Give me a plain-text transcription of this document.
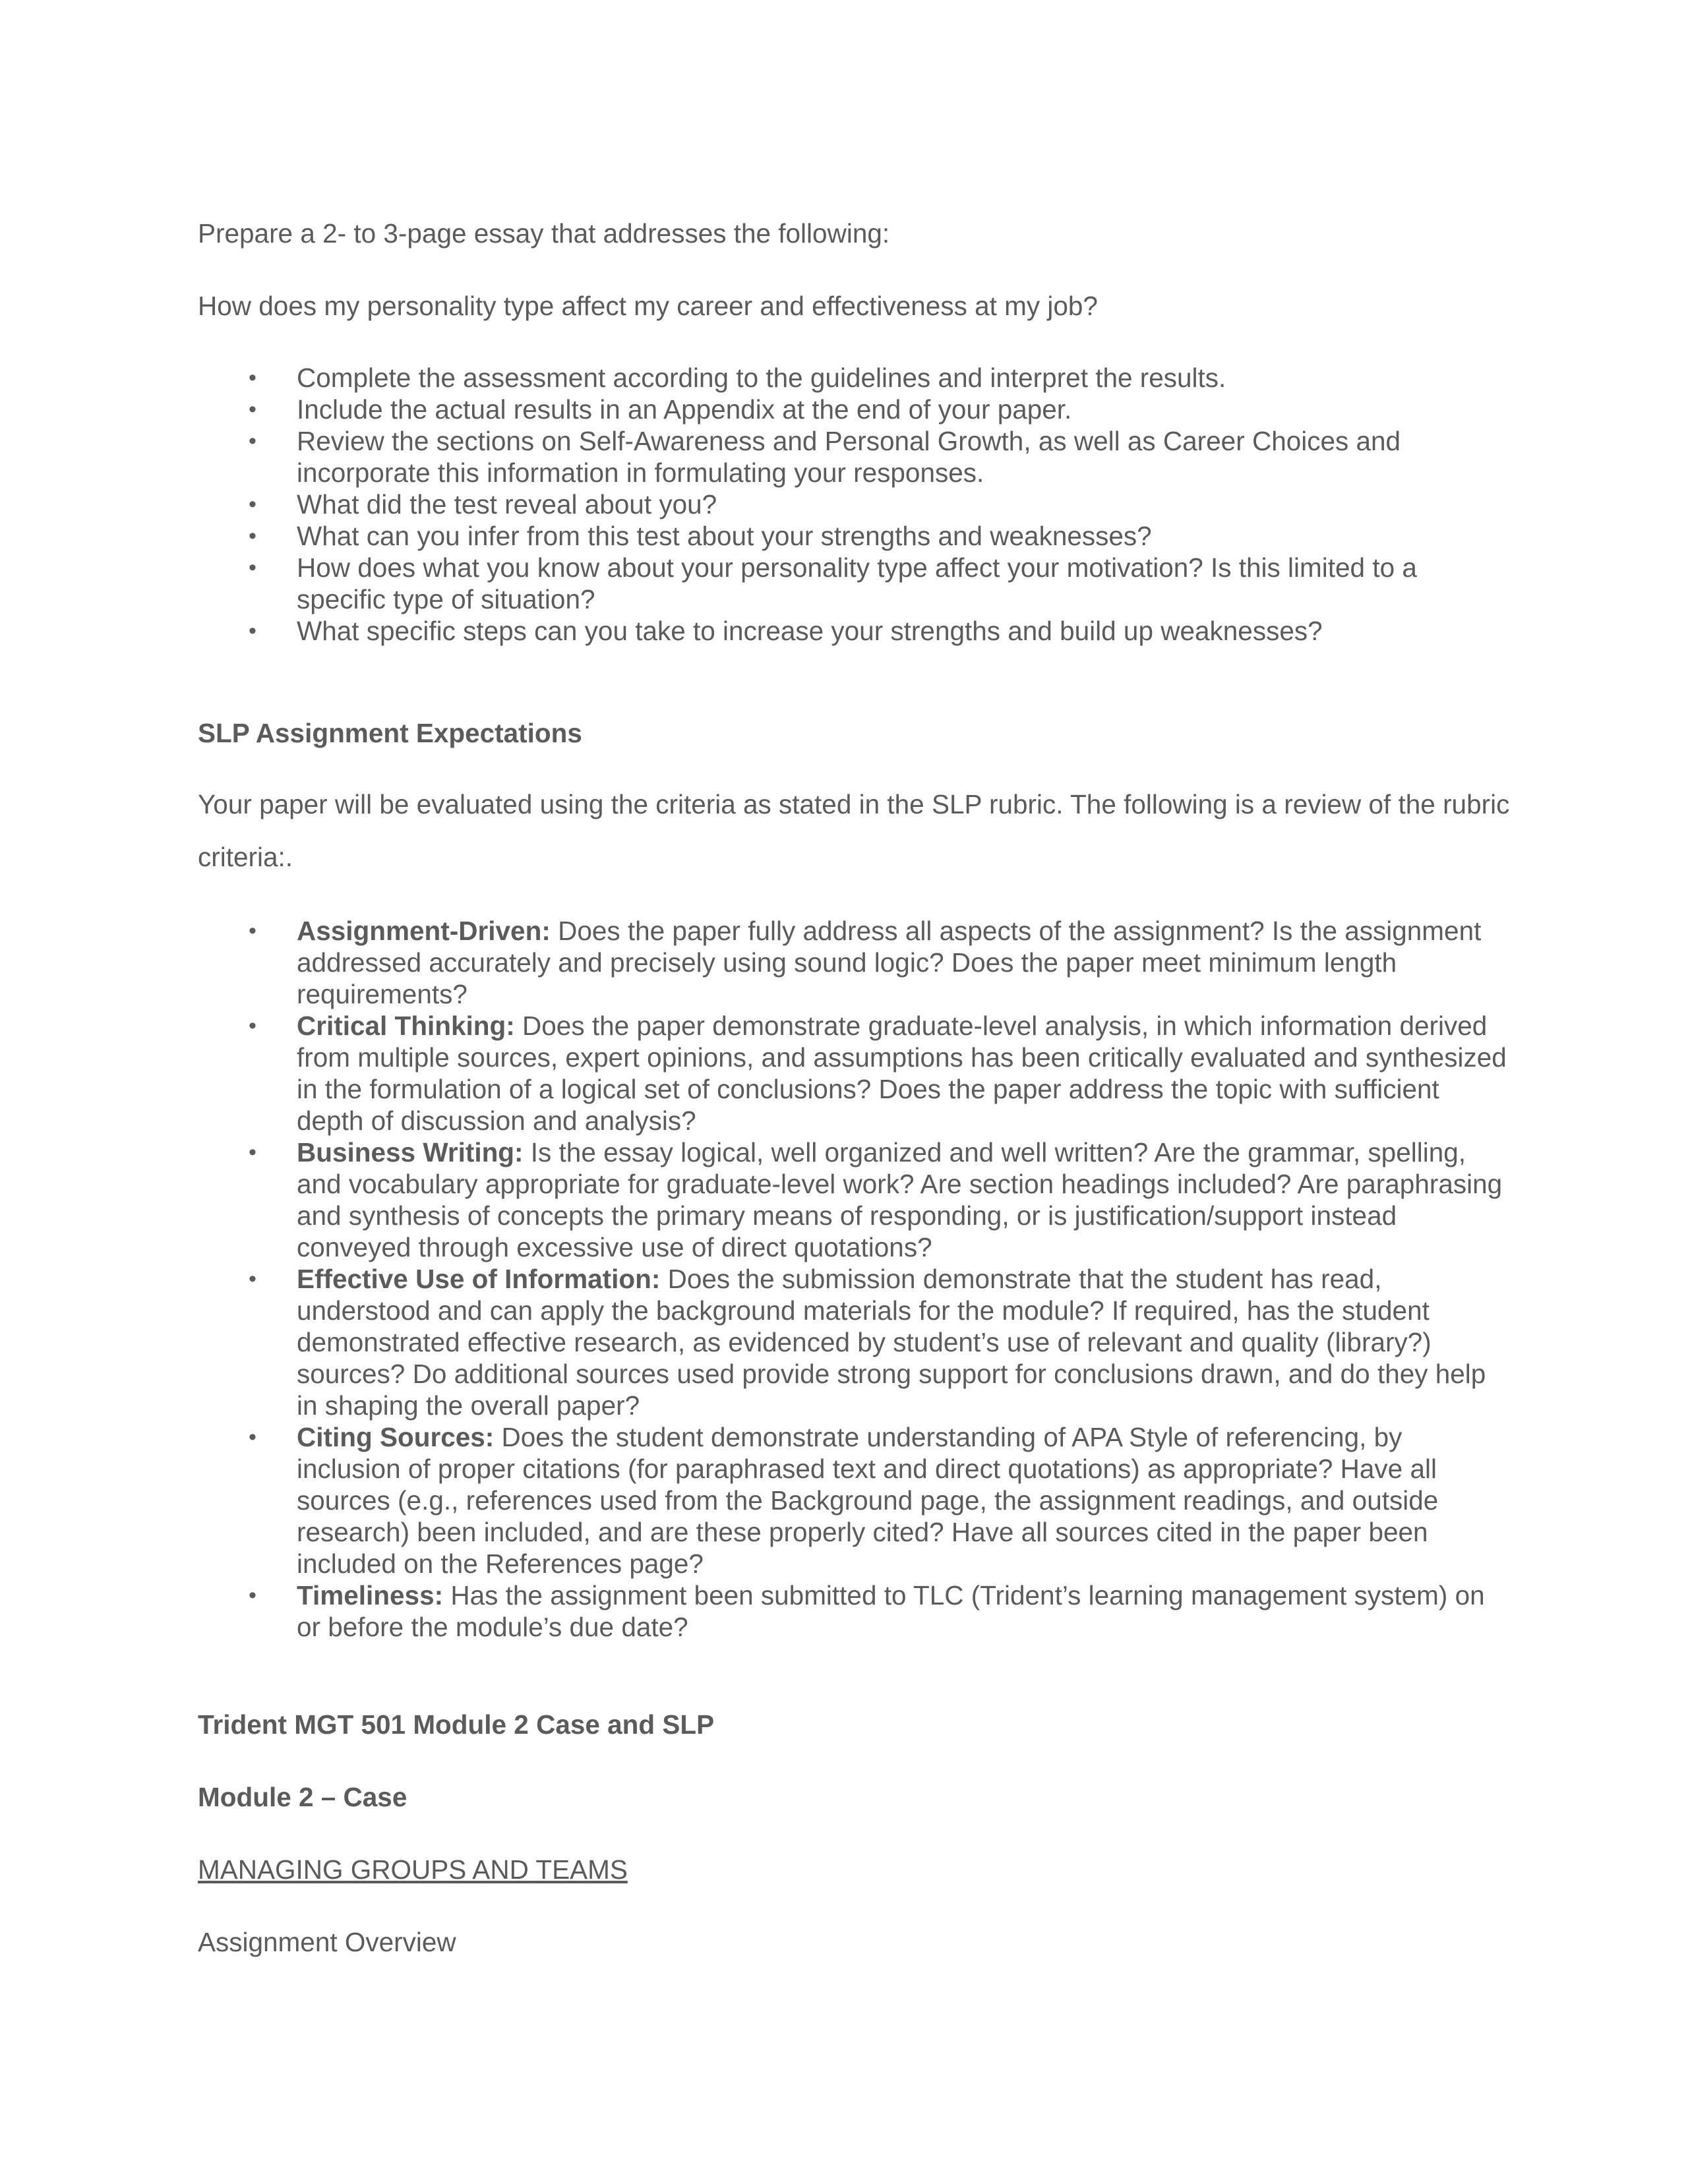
Prepare a 2- to 3-page essay that addresses the following:

How does my personality type affect my career and effectiveness at my job?

• Complete the assessment according to the guidelines and interpret the results.
• Include the actual results in an Appendix at the end of your paper.
• Review the sections on Self-Awareness and Personal Growth, as well as Career Choices and incorporate this information in formulating your responses.
• What did the test reveal about you?
• What can you infer from this test about your strengths and weaknesses?
• How does what you know about your personality type affect your motivation? Is this limited to a specific type of situation?
• What specific steps can you take to increase your strengths and build up weaknesses?

SLP Assignment Expectations

Your paper will be evaluated using the criteria as stated in the SLP rubric. The following is a review of the rubric criteria:.

• Assignment-Driven: Does the paper fully address all aspects of the assignment? Is the assignment addressed accurately and precisely using sound logic? Does the paper meet minimum length requirements?
• Critical Thinking: Does the paper demonstrate graduate-level analysis, in which information derived from multiple sources, expert opinions, and assumptions has been critically evaluated and synthesized in the formulation of a logical set of conclusions? Does the paper address the topic with sufficient depth of discussion and analysis?
• Business Writing: Is the essay logical, well organized and well written? Are the grammar, spelling, and vocabulary appropriate for graduate-level work? Are section headings included? Are paraphrasing and synthesis of concepts the primary means of responding, or is justification/support instead conveyed through excessive use of direct quotations?
• Effective Use of Information: Does the submission demonstrate that the student has read, understood and can apply the background materials for the module? If required, has the student demonstrated effective research, as evidenced by student’s use of relevant and quality (library?) sources? Do additional sources used provide strong support for conclusions drawn, and do they help in shaping the overall paper?
• Citing Sources: Does the student demonstrate understanding of APA Style of referencing, by inclusion of proper citations (for paraphrased text and direct quotations) as appropriate? Have all sources (e.g., references used from the Background page, the assignment readings, and outside research) been included, and are these properly cited? Have all sources cited in the paper been included on the References page?
• Timeliness: Has the assignment been submitted to TLC (Trident’s learning management system) on or before the module’s due date?

Trident MGT 501 Module 2 Case and SLP

Module 2 – Case

MANAGING GROUPS AND TEAMS

Assignment Overview
